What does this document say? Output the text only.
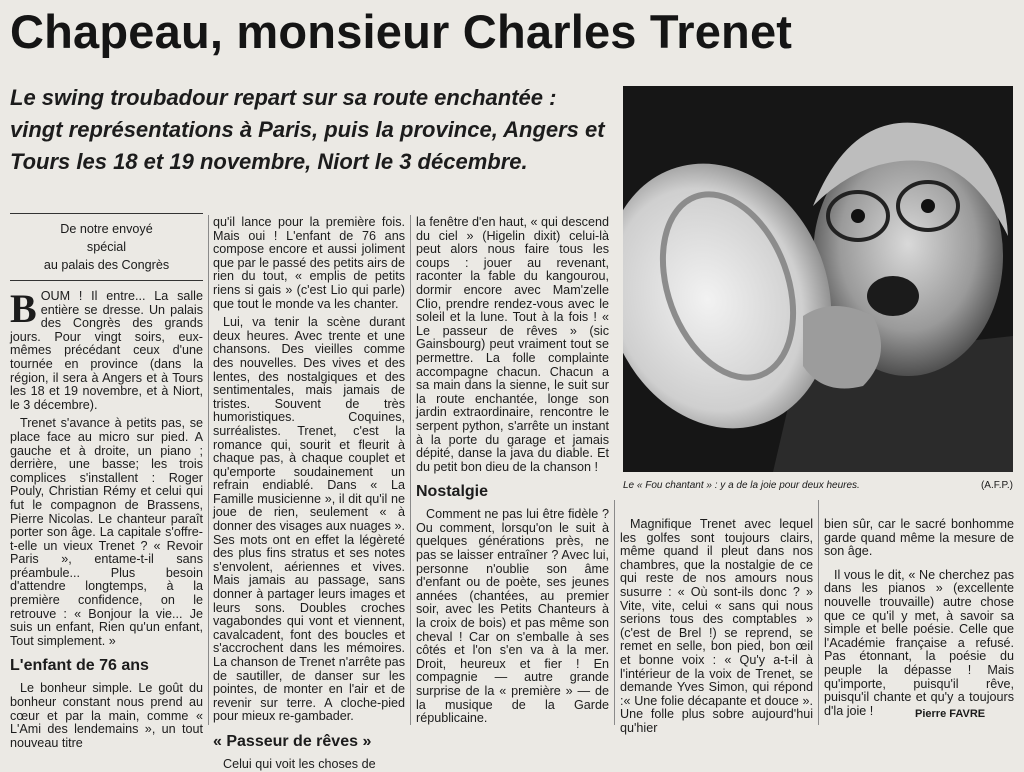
Chapeau, monsieur Charles Trenet
Le swing troubadour repart sur sa route enchantée : vingt représentations à Paris, puis la province, Angers et Tours les 18 et 19 novembre, Niort le 3 décembre.
De notre envoyé
spécial
au palais des Congrès

BOUM ! Il entre... La salle entière se dresse. Un palais des Congrès des grands jours. Pour vingt soirs, eux-mêmes précédant ceux d'une tournée en province (dans la région, il sera à Angers et à Tours les 18 et 19 novembre, et à Niort, le 3 décembre).

Trenet s'avance à petits pas, se place face au micro sur pied. A gauche et à droite, un piano ; derrière, une basse; les trois complices s'installent : Roger Pouly, Christian Rémy et celui qui fut le compagnon de Brassens, Pierre Nicolas. Le chanteur paraît porter son âge. La capitale s'offre-t-elle un vieux Trenet ? « Revoir Paris », entame-t-il sans préambule... Plus besoin d'attendre longtemps, à la première confidence, on le retrouve : « Bonjour la vie... Je suis un enfant, Rien qu'un enfant, Tout simplement. »

L'enfant de 76 ans

Le bonheur simple. Le goût du bonheur constant nous prend au cœur et par la main, comme « L'Ami des lendemains », un tout nouveau titre

qu'il lance pour la première fois. Mais oui ! L'enfant de 76 ans compose encore et aussi joliment que par le passé des petits airs de rien du tout, « emplis de petits riens si gais » (c'est Lio qui parle) que tout le monde va les chanter.

Lui, va tenir la scène durant deux heures. Avec trente et une chansons. Des vieilles comme des nouvelles. Des vives et des lentes, des nostalgiques et des sentimentales, mais jamais de tristes. Souvent de très humoristiques. Coquines, surréalistes. Trenet, c'est la romance qui, sourit et fleurit à chaque pas, à chaque couplet et qu'emporte soudainement un refrain endiablé. Dans « La Famille musicienne », il dit qu'il ne joue de rien, seulement « à donner des visages aux nuages ». Ses mots ont en effet la légèreté des plus fins stratus et ses notes s'envolent, aériennes et vives. Mais jamais au passage, sans donner à partager leurs images et leurs sons. Doubles croches vagabondes qui vont et viennent, cavalcadent, font des boucles et s'accrochent dans les mémoires. La chanson de Trenet n'arrête pas de sautiller, de danser sur les pointes, de monter en l'air et de revenir sur terre. A cloche-pied pour mieux re-gambader.

« Passeur de rêves »

Celui qui voit les choses de

la fenêtre d'en haut, « qui descend du ciel » (Higelin dixit) celui-là peut alors nous faire tous les coups : jouer au revenant, raconter la fable du kangourou, dormir encore avec Mam'zelle Clio, prendre rendez-vous avec le soleil et la lune. Tout à la fois ! « Le passeur de rêves » (sic Gainsbourg) peut vraiment tout se permettre. La folle complainte accompagne chacun. Chacun a sa main dans la sienne, le suit sur la route enchantée, longe son jardin extraordinaire, rencontre le serpent python, s'arrête un instant à la porte du garage et jamais dépité, danse la java du diable. Et du petit bon dieu de la chanson !

Nostalgie

Comment ne pas lui être fidèle ? Ou comment, lorsqu'on le suit à quelques générations près, ne pas se laisser entraîner ? Avec lui, personne n'oublie son âme d'enfant ou de poète, ses jeunes années (chantées, au premier soir, avec les Petits Chanteurs à la croix de bois) et pas même son cheval ! Car on s'emballe à ses côtés et l'on s'en va à la mer. Droit, heureux et fier ! En compagnie — autre grande surprise de la « première » — de la musique de la Garde républicaine.

Le « Fou chantant » : y a de la joie pour deux heures.	(A.F.P.)

Magnifique Trenet avec lequel les golfes sont toujours clairs, même quand il pleut dans nos chambres, que la nostalgie de ce qui reste de nos amours nous susurre : « Où sont-ils donc ? » Vite, vite, celui « sans qui nous serions tous des comptables » (c'est de Brel !) se reprend, se remet en selle, bon pied, bon œil et bonne voix : « Qu'y a-t-il à l'intérieur de la voix de Trenet, se demande Yves Simon, qui répond :« Une folie décapante et douce ». Une folle plus sobre aujourd'hui qu'hier

bien sûr, car le sacré bonhomme garde quand même la mesure de son âge.

Il vous le dit, « Ne cherchez pas dans les pianos » (excellente nouvelle trouvaille) autre chose que ce qu'il y met, à savoir sa simple et belle poésie. Celle que l'Académie française a refusé. Pas étonnant, la poésie du peuple la dépasse ! Mais qu'importe, puisqu'il rêve, puisqu'il chante et qu'y a toujours d'la joie !	Pierre FAVRE
